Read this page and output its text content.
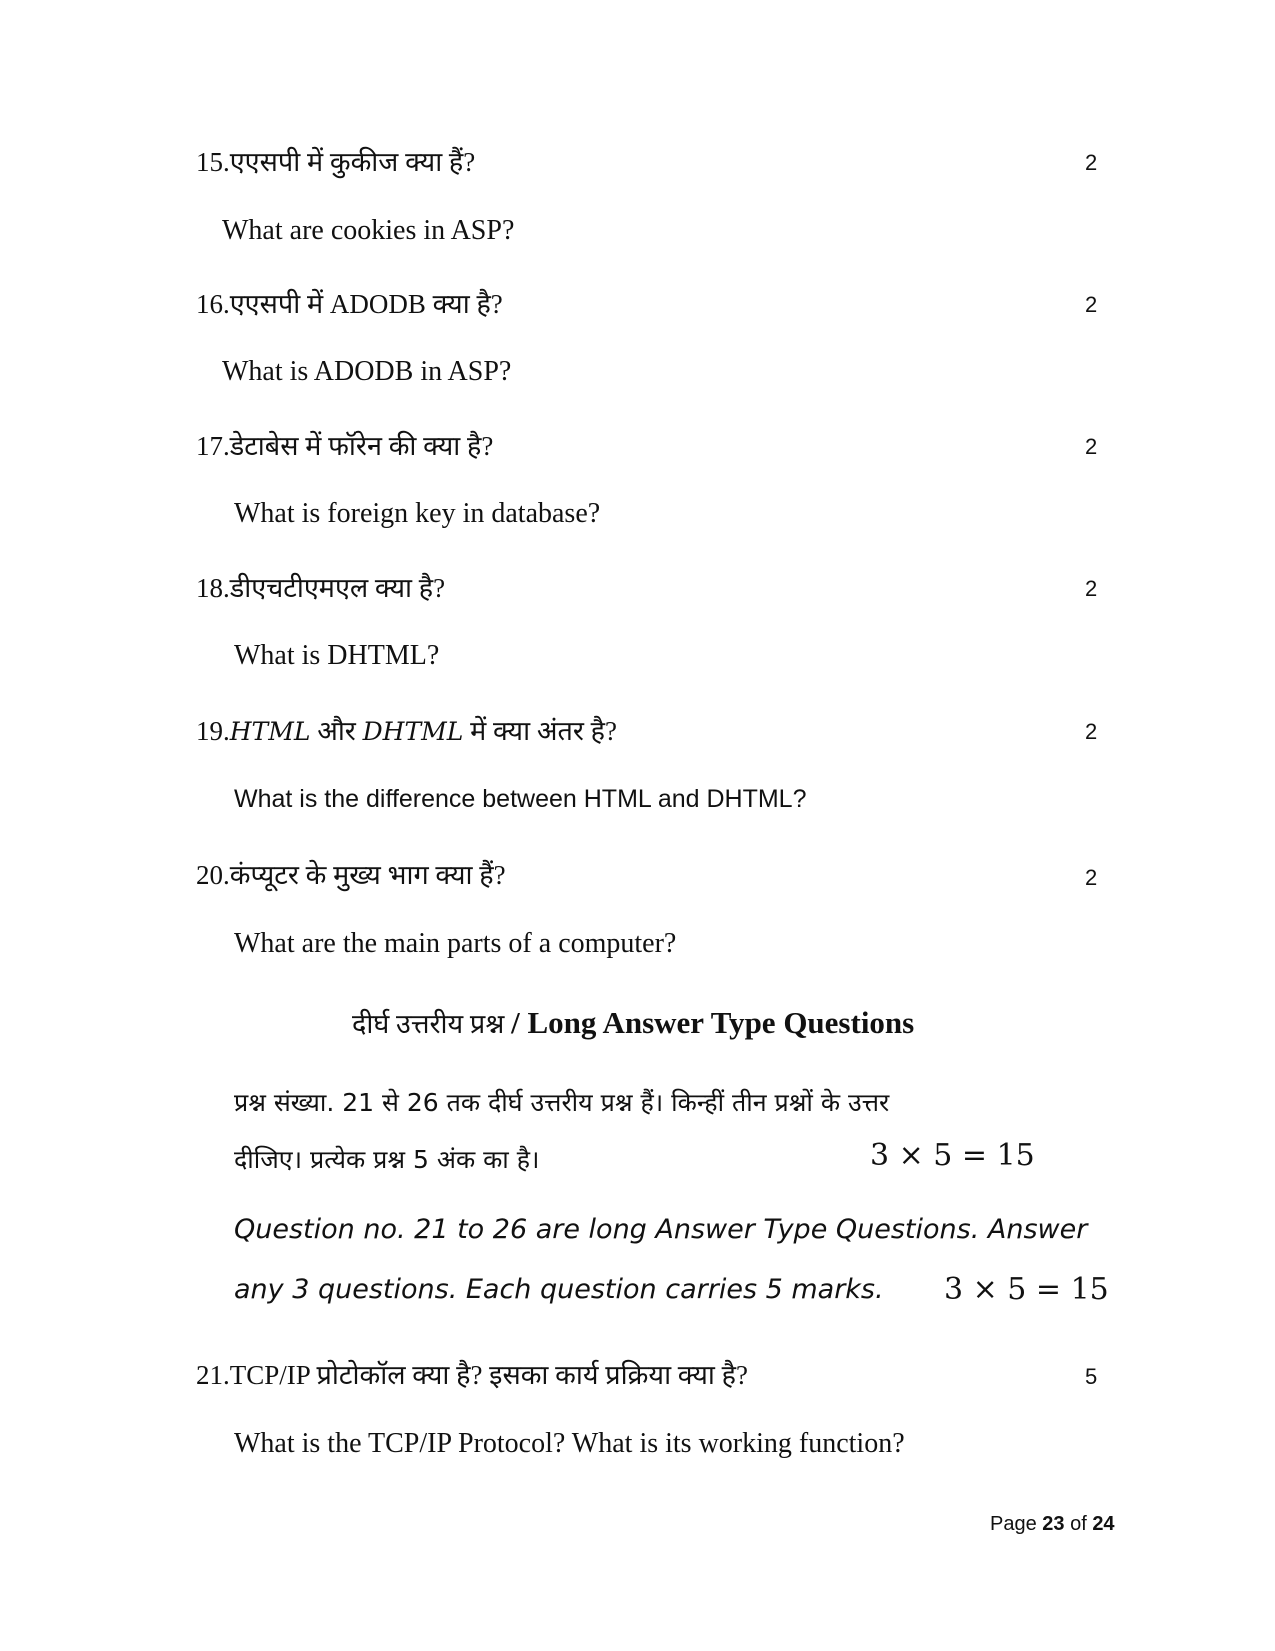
15.एएसपी में कुकीज क्या हैं?	2
What are cookies in ASP?
16.एएसपी में ADODB क्या है?	2
What is ADODB in ASP?
17.डेटाबेस में फॉरेन की क्या है?	2
What is foreign key in database?
18.डीएचटीएमएल क्या है?	2
What is DHTML?
19.HTML और DHTML में क्या अंतर है?	2
What is the difference between HTML and DHTML?
20.कंप्यूटर के मुख्य भाग क्या हैं?	2
What are the main parts of a computer?
दीर्घ उत्तरीय प्रश्न / Long Answer Type Questions
प्रश्न संख्या. 21 से 26 तक दीर्घ उत्तरीय प्रश्न हैं। किन्हीं तीन प्रश्नों के उत्तर
दीजिए। प्रत्येक प्रश्न 5 अंक का है।	3 × 5 = 15
Question no. 21 to 26 are long Answer Type Questions. Answer
any 3 questions. Each question carries 5 marks. 3 × 5 = 15
21.TCP/IP प्रोटोकॉल क्या है? इसका कार्य प्रक्रिया क्या है?	5
What is the TCP/IP Protocol? What is its working function?
Page 23 of 24
